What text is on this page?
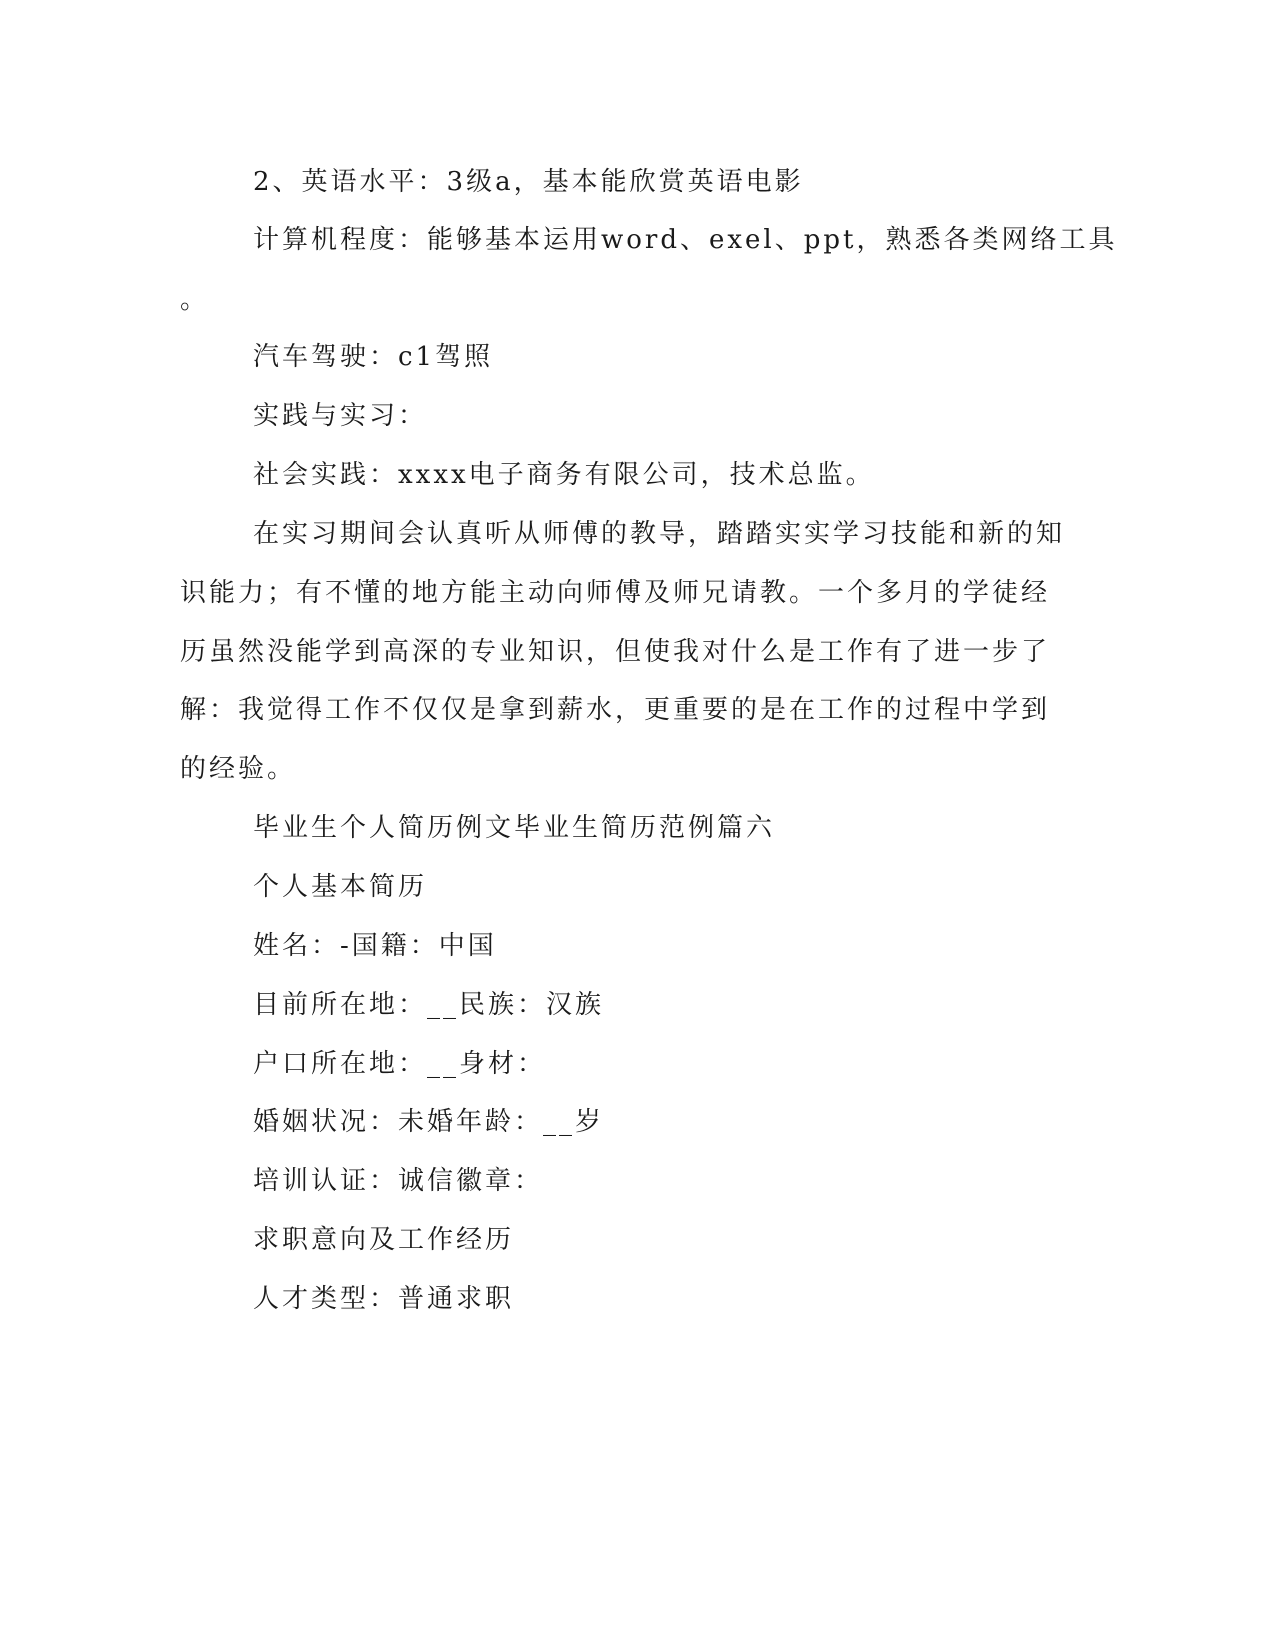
2、英语水平：3级a，基本能欣赏英语电影
计算机程度：能够基本运用word、exel、ppt，熟悉各类网络工具
。
汽车驾驶：c1驾照
实践与实习：
社会实践：xxxx电子商务有限公司，技术总监。
在实习期间会认真听从师傅的教导，踏踏实实学习技能和新的知
识能力；有不懂的地方能主动向师傅及师兄请教。一个多月的学徒经
历虽然没能学到高深的专业知识，但使我对什么是工作有了进一步了
解：我觉得工作不仅仅是拿到薪水，更重要的是在工作的过程中学到
的经验。
毕业生个人简历例文毕业生简历范例篇六
个人基本简历
姓名：-国籍：中国
目前所在地：__民族：汉族
户口所在地：__身材：
婚姻状况：未婚年龄：__岁
培训认证：诚信徽章：
求职意向及工作经历
人才类型：普通求职
